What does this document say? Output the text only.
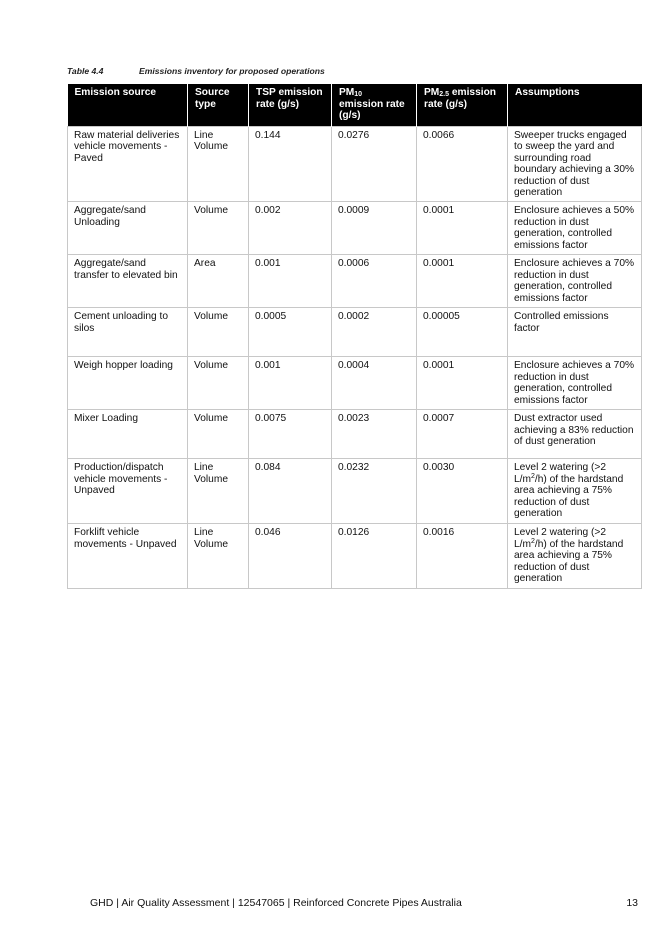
Table 4.4	Emissions inventory for proposed operations
Emission source	Source type	TSP emission rate (g/s)	$PM_{10}$ emission rate (g/s)	$PM_{2.5}$ emission rate (g/s)	Assumptions
Raw material deliveries vehicle movements - Paved	Line Volume	0.144	0.0276	0.0066	Sweeper trucks engaged to sweep the yard and surrounding road boundary achieving a 30% reduction of dust generation
Aggregate/sand Unloading	Volume	0.002	0.0009	0.0001	Enclosure achieves a 50% reduction in dust generation, controlled emissions factor
Aggregate/sand transfer to elevated bin	Area	0.001	0.0006	0.0001	Enclosure achieves a 70% reduction in dust generation, controlled emissions factor
Cement unloading to silos	Volume	0.0005	0.0002	0.00005	Controlled emissions factor
Weigh hopper loading	Volume	0.001	0.0004	0.0001	Enclosure achieves a 70% reduction in dust generation, controlled emissions factor
Mixer Loading	Volume	0.0075	0.0023	0.0007	Dust extractor used achieving a 83% reduction of dust generation
Production/dispatch vehicle movements - Unpaved	Line Volume	0.084	0.0232	0.0030	Level 2 watering (>2 $L/m^2/h$) of the hardstand area achieving a 75% reduction of dust generation
Forklift vehicle movements - Unpaved	Line Volume	0.046	0.0126	0.0016	Level 2 watering (>2 $L/m^2/h$) of the hardstand area achieving a 75% reduction of dust generation
GHD | Air Quality Assessment | 12547065 | Reinforced Concrete Pipes Australia	13
